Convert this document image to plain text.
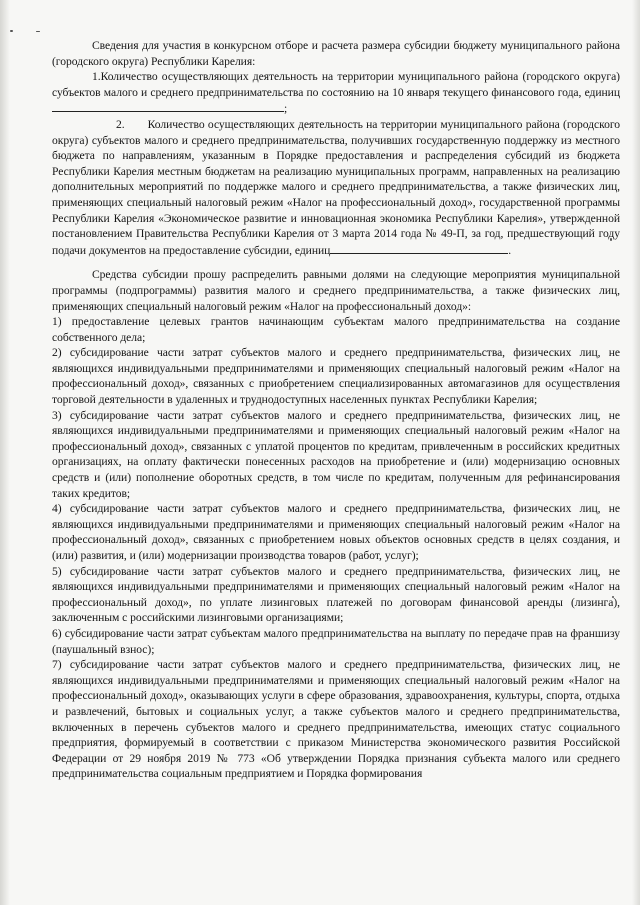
Сведения для участия в конкурсном отборе и расчета размера субсидии бюджету муниципального района (городского округа) Республики Карелия:

1.Количество осуществляющих деятельность на территории муниципального района (городского округа) субъектов малого и среднего предпринимательства по состоянию на 10 января текущего финансового года, единиц;

2. Количество осуществляющих деятельность на территории муниципального района (городского округа) субъектов малого и среднего предпринимательства, получивших государственную поддержку из местного бюджета по направлениям, указанным в Порядке предоставления и распределения субсидий из бюджета Республики Карелия местным бюджетам на реализацию муниципальных программ, направленных на реализацию дополнительных мероприятий по поддержке малого и среднего предпринимательства, а также физических лиц, применяющих специальный налоговый режим «Налог на профессиональный доход», государственной программы Республики Карелия «Экономическое развитие и инновационная экономика Республики Карелия», утвержденной постановлением Правительства Республики Карелия от 3 марта 2014 года № 49-П, за год, предшествующий году подачи документов на предоставление субсидии, единиц	.

Средства субсидии прошу распределить равными долями на следующие мероприятия муниципальной программы (подпрограммы) развития малого и среднего предпринимательства, а также физических лиц, применяющих специальный налоговый режим «Налог на профессиональный доход»:

1) предоставление целевых грантов начинающим субъектам малого предпринимательства на создание собственного дела;

2) субсидирование части затрат субъектов малого и среднего предпринимательства, физических лиц, не являющихся индивидуальными предпринимателями и применяющих специальный налоговый режим «Налог на профессиональный доход», связанных с приобретением специализированных автомагазинов для осуществления торговой деятельности в удаленных и труднодоступных населенных пунктах Республики Карелия;

3) субсидирование части затрат субъектов малого и среднего предпринимательства, физических лиц, не являющихся индивидуальными предпринимателями и применяющих специальный налоговый режим «Налог на профессиональный доход», связанных с уплатой процентов по кредитам, привлеченным в российских кредитных организациях, на оплату фактически понесенных расходов на приобретение и (или) модернизацию основных средств и (или) пополнение оборотных средств, в том числе по кредитам, полученным для рефинансирования таких кредитов;

4) субсидирование части затрат субъектов малого и среднего предпринимательства, физических лиц, не являющихся индивидуальными предпринимателями и применяющих специальный налоговый режим «Налог на профессиональный доход», связанных с приобретением новых объектов основных средств в целях создания, и (или) развития, и (или) модернизации производства товаров (работ, услуг);

5) субсидирование части затрат субъектов малого и среднего предпринимательства, физических лиц, не являющихся индивидуальными предпринимателями и применяющих специальный налоговый режим «Налог на профессиональный доход», по уплате лизинговых платежей по договорам финансовой аренды (лизинга), заключенным с российскими лизинговыми организациями;

6) субсидирование части затрат субъектам малого предпринимательства на выплату по передаче прав на франшизу (паушальный взнос);

7) субсидирование части затрат субъектов малого и среднего предпринимательства, физических лиц, не являющихся индивидуальными предпринимателями и применяющих специальный налоговый режим «Налог на профессиональный доход», оказывающих услуги в сфере образования, здравоохранения, культуры, спорта, отдыха и развлечений, бытовых и социальных услуг, а также субъектов малого и среднего предпринимательства, включенных в перечень субъектов малого и среднего предпринимательства, имеющих статус социального предприятия, формируемый в соответствии с приказом Министерства экономического развития Российской Федерации от 29 ноября 2019 № 773 «Об утверждении Порядка признания субъекта малого или среднего предпринимательства социальным предприятием и Порядка формирования
